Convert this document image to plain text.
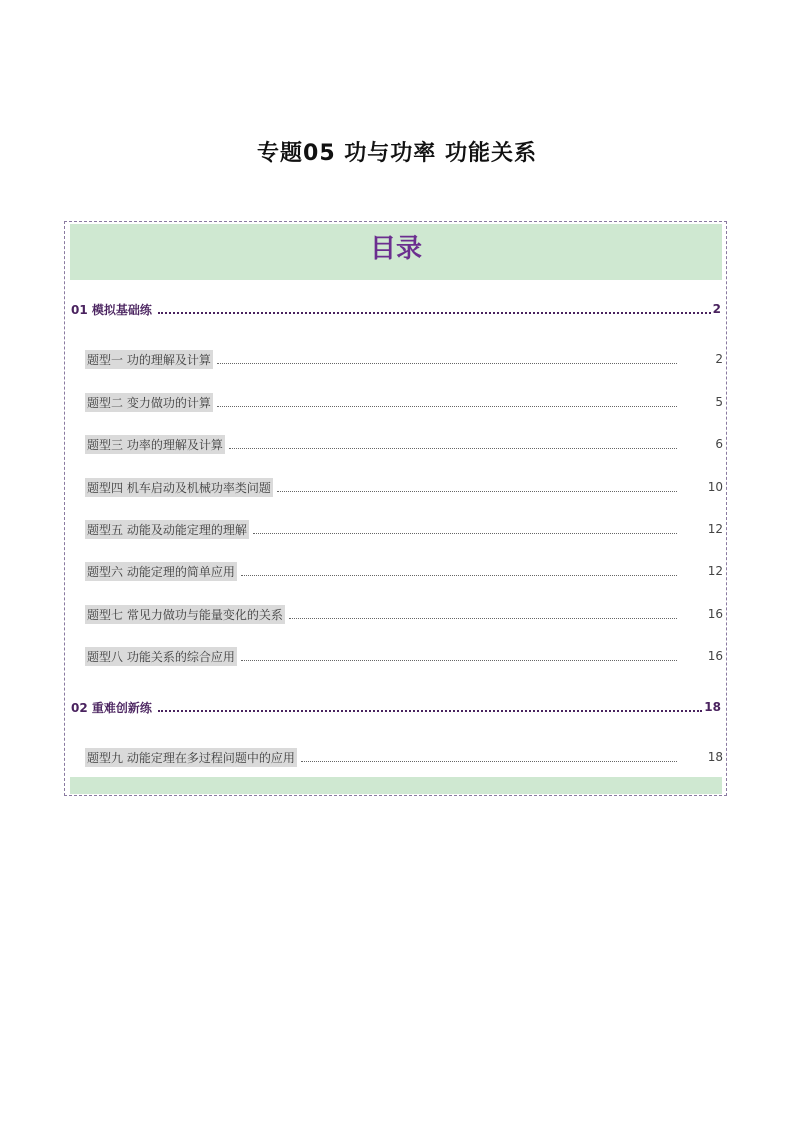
专题05 功与功率 功能关系
目录
01 模拟基础练	2
题型一 功的理解及计算	2
题型二 变力做功的计算	5
题型三 功率的理解及计算	6
题型四 机车启动及机械功率类问题	10
题型五 动能及动能定理的理解	12
题型六 动能定理的简单应用	12
题型七 常见力做功与能量变化的关系	16
题型八 功能关系的综合应用	16
02 重难创新练	18
题型九 动能定理在多过程问题中的应用	18
